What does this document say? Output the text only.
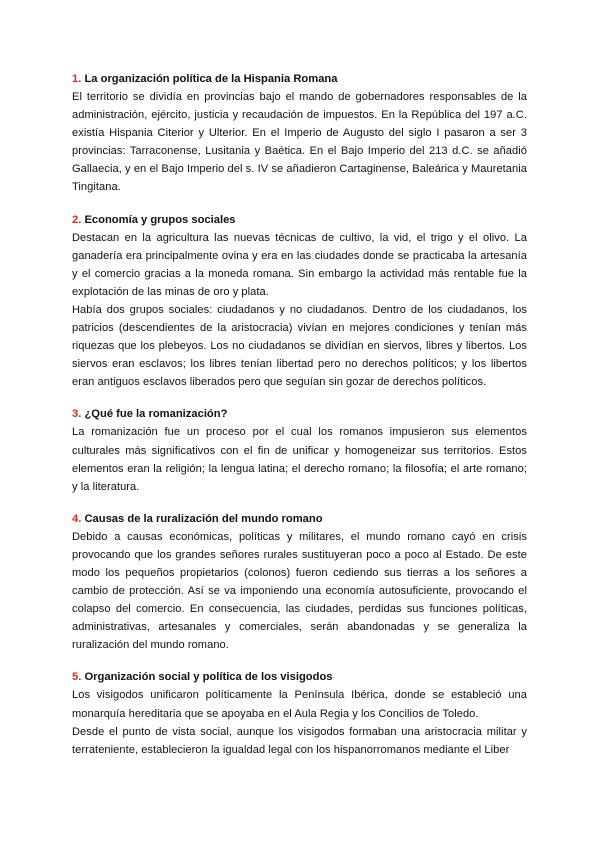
1. La organización política de la Hispania Romana

El territorio se dividía en provincias bajo el mando de gobernadores responsables de la administración, ejército, justicia y recaudación de impuestos. En la República del 197 a.C. existía Hispania Citerior y Ulterior. En el Imperio de Augusto del siglo I pasaron a ser 3 provincias: Tarraconense, Lusitania y Baética. En el Bajo Imperio del 213 d.C. se añadió Gallaecia, y en el Bajo Imperio del s. IV se añadieron Cartaginense, Baleárica y Mauretania Tingitana.

2. Economía y grupos sociales

Destacan en la agricultura las nuevas técnicas de cultivo, la vid, el trigo y el olivo. La ganadería era principalmente ovina y era en las ciudades donde se practicaba la artesanía y el comercio gracias a la moneda romana. Sin embargo la actividad más rentable fue la explotación de las minas de oro y plata.

Había dos grupos sociales: ciudadanos y no ciudadanos. Dentro de los ciudadanos, los patricios (descendientes de la aristocracia) vivían en mejores condiciones y tenían más riquezas que los plebeyos. Los no ciudadanos se dividían en siervos, libres y libertos. Los siervos eran esclavos; los libres tenían libertad pero no derechos políticos; y los libertos eran antiguos esclavos liberados pero que seguían sin gozar de derechos políticos.

3. ¿Qué fue la romanización?

La romanización fue un proceso por el cual los romanos impusieron sus elementos culturales más significativos con el fin de unificar y homogeneizar sus territorios. Estos elementos eran la religión; la lengua latina; el derecho romano; la filosofía; el arte romano; y la literatura.

4. Causas de la ruralización del mundo romano

Debido a causas económicas, políticas y militares, el mundo romano cayó en crisis provocando que los grandes señores rurales sustituyeran poco a poco al Estado. De este modo los pequeños propietarios (colonos) fueron cediendo sus tierras a los señores a cambio de protección. Así se va imponiendo una economía autosuficiente, provocando el colapso del comercio. En consecuencia, las ciudades, perdidas sus funciones políticas, administrativas, artesanales y comerciales, serán abandonadas y se generaliza la ruralización del mundo romano.

5. Organización social y política de los visigodos

Los visigodos unificaron políticamente la Península Ibérica, donde se estableció una monarquía hereditaria que se apoyaba en el Aula Regia y los Concilios de Toledo.

Desde el punto de vista social, aunque los visigodos formaban una aristocracia militar y terrateniente, establecieron la igualdad legal con los hispanorromanos mediante el Liber
